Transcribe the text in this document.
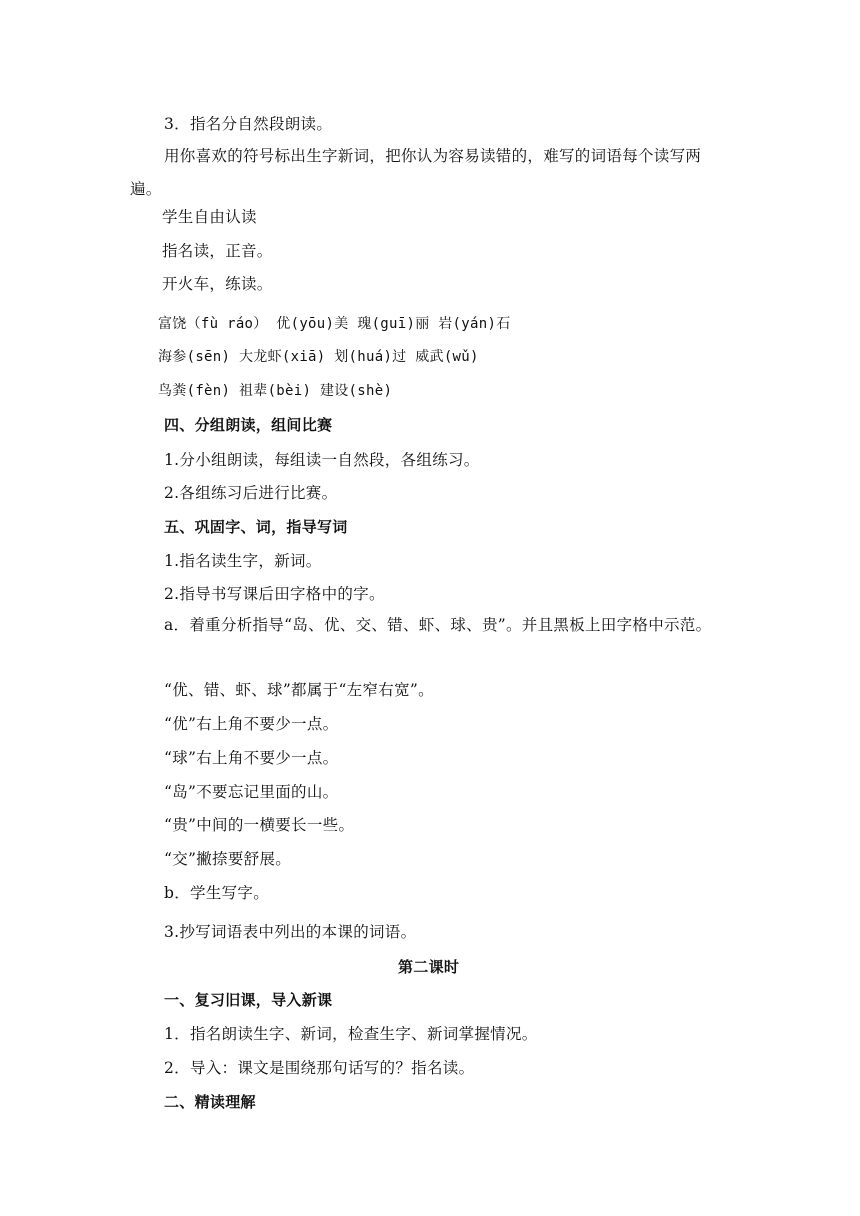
3．指名分自然段朗读。
用你喜欢的符号标出生字新词，把你认为容易读错的，难写的词语每个读写两遍。
学生自由认读
指名读，正音。
开火车，练读。
富饶（fù ráo） 优(yōu)美 瑰(guī)丽 岩(yán)石
海参(sēn) 大龙虾(xiā) 划(huá)过 威武(wǔ)
鸟粪(fèn) 祖辈(bèi) 建设(shè)
四、分组朗读，组间比赛
1.分小组朗读，每组读一自然段，各组练习。
2.各组练习后进行比赛。
五、巩固字、词，指导写词
1.指名读生字，新词。
2.指导书写课后田字格中的字。
a．着重分析指导“岛、优、交、错、虾、球、贵”。并且黑板上田字格中示范。
“优、错、虾、球”都属于“左窄右宽”。
“优”右上角不要少一点。
“球”右上角不要少一点。
“岛”不要忘记里面的山。
“贵”中间的一横要长一些。
“交”撇捺要舒展。
b．学生写字。
3.抄写词语表中列出的本课的词语。
第二课时
一、复习旧课，导入新课
1．指名朗读生字、新词，检查生字、新词掌握情况。
2．导入：课文是围绕那句话写的？指名读。
二、精读理解
